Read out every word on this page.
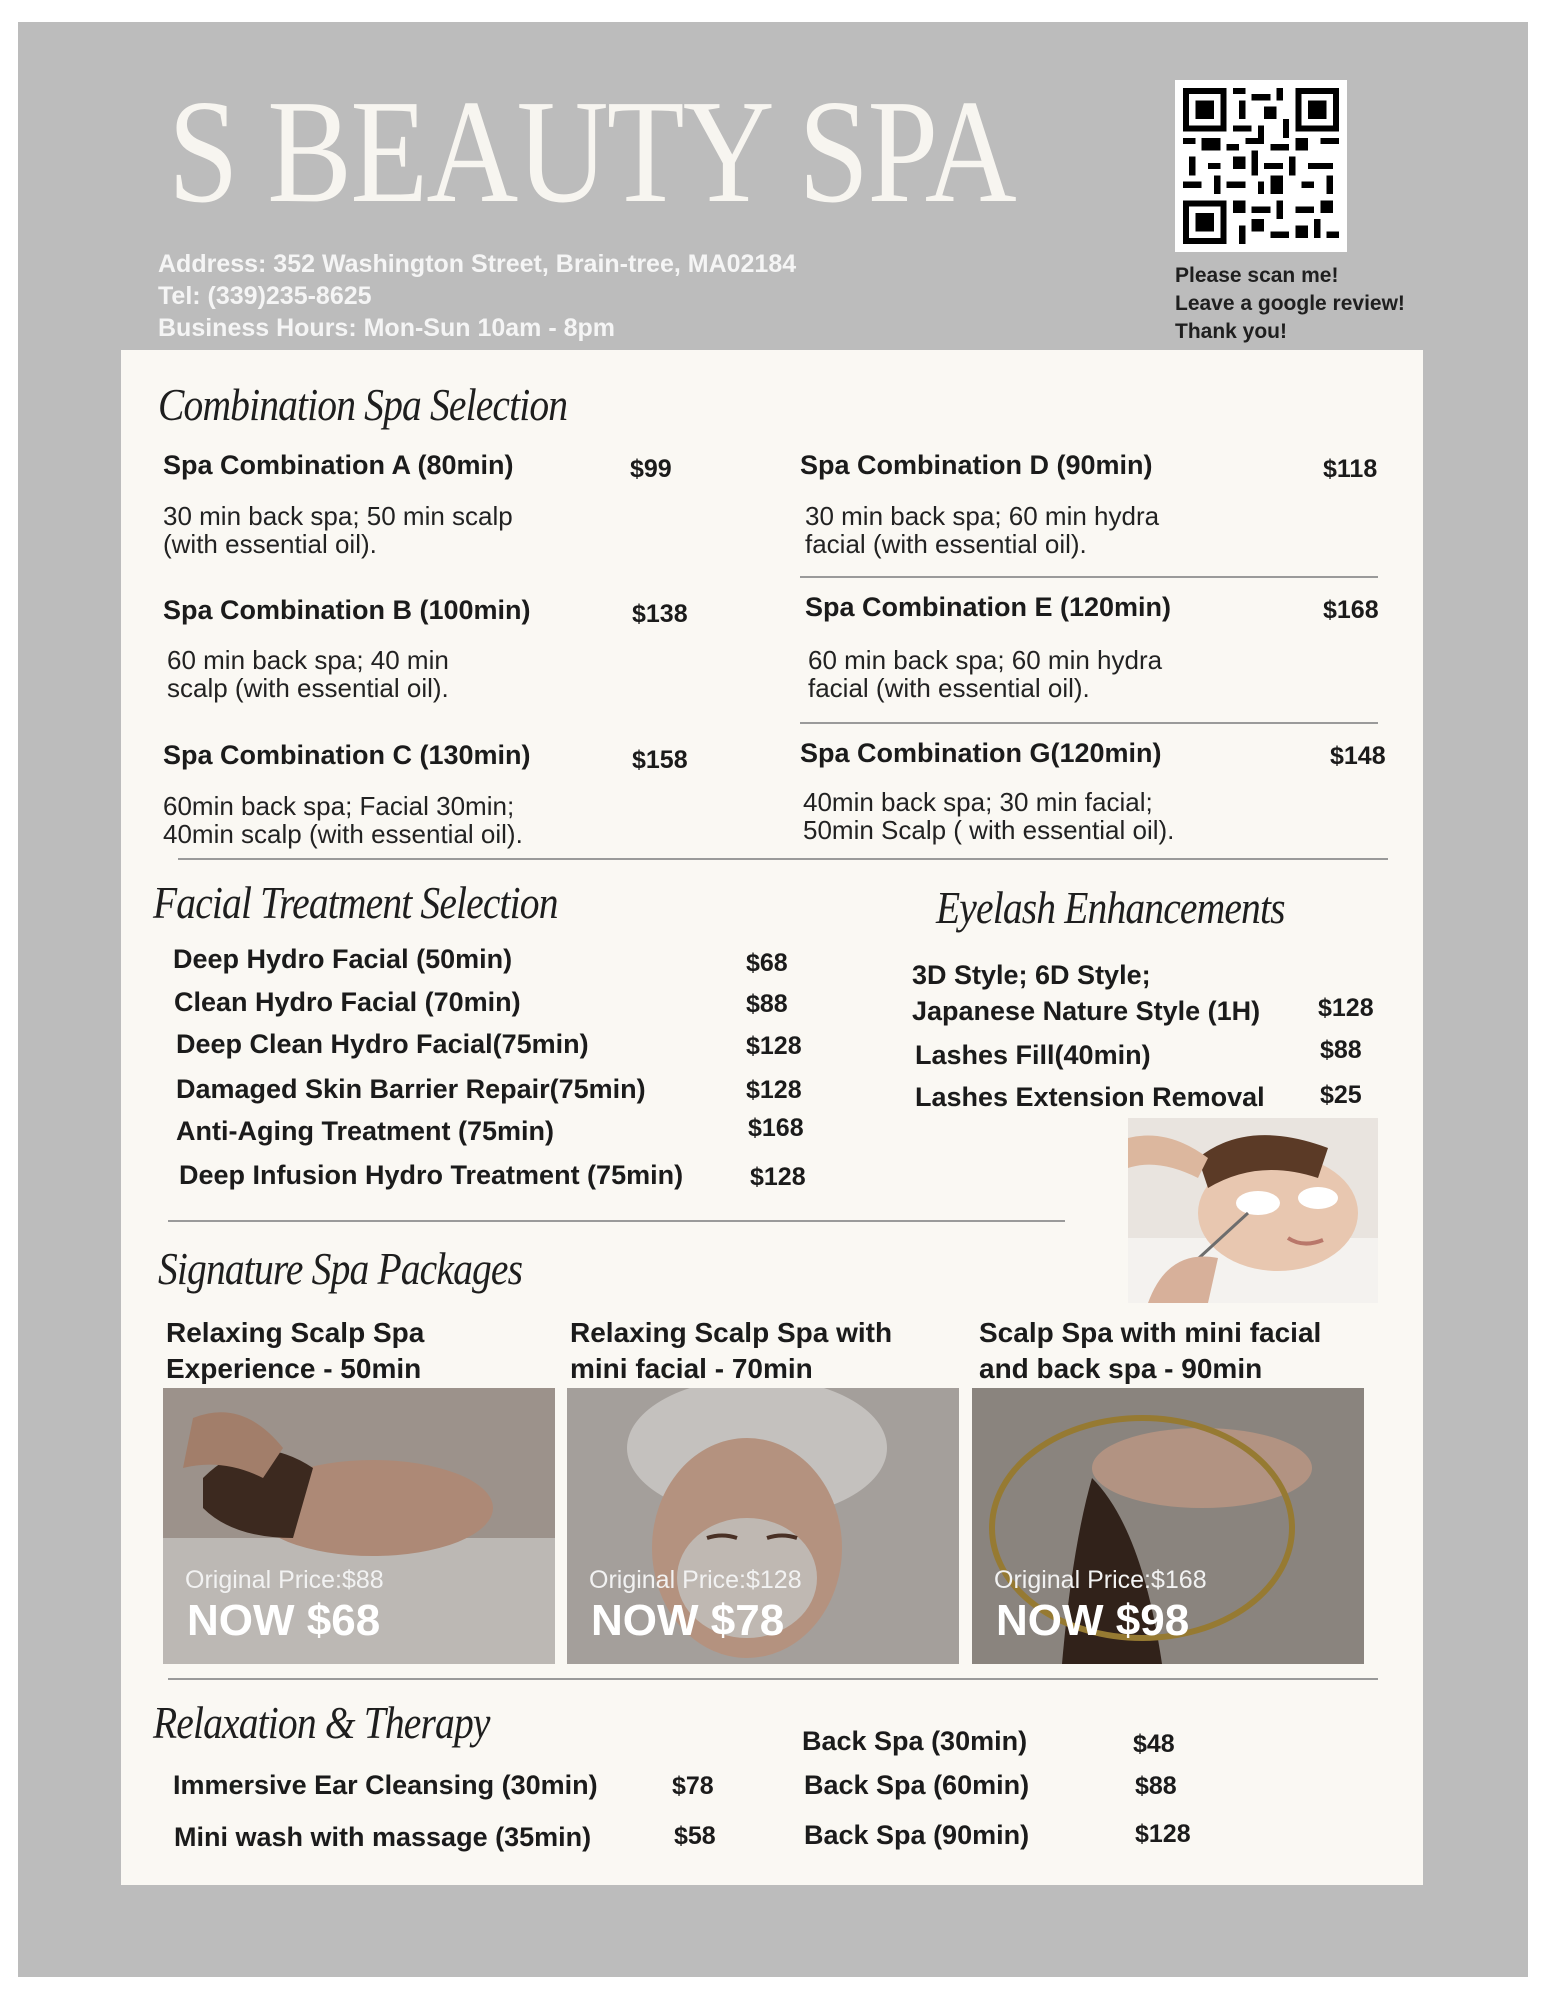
S BEAUTY SPA
Address: 352 Washington Street, Brain-tree, MA02184
Tel: (339)235-8625
Business Hours: Mon-Sun 10am - 8pm
Please scan me!
Leave a google review!
Thank you!
Combination Spa Selection
Spa Combination A (80min)	$99
30 min back spa; 50 min scalp
(with essential oil).
Spa Combination D (90min)	$118
30 min back spa; 60 min hydra
facial (with essential oil).
Spa Combination B (100min)	$138
60 min back spa; 40 min
scalp (with essential oil).
Spa Combination E (120min)	$168
60 min back spa; 60 min hydra
facial (with essential oil).
Spa Combination C (130min)	$158
60min back spa; Facial 30min;
40min scalp (with essential oil).
Spa Combination G(120min)	$148
40min back spa; 30 min facial;
50min Scalp ( with essential oil).
Facial Treatment Selection
Deep Hydro Facial (50min)	$68
Clean Hydro Facial (70min)	$88
Deep Clean Hydro Facial(75min)	$128
Damaged Skin Barrier Repair(75min)	$128
Anti-Aging Treatment (75min)	$168
Deep Infusion Hydro Treatment (75min)	$128
Eyelash Enhancements
3D Style; 6D Style;
Japanese Nature Style (1H) $128
Lashes Fill(40min)	$88
Lashes Extension Removal $25
Signature Spa Packages
Relaxing Scalp Spa
Experience - 50min
Relaxing Scalp Spa with
mini facial - 70min
Scalp Spa with mini facial
and back spa - 90min
Original Price:$88
NOW $68
Original Price:$128
NOW $78
Original Price:$168
NOW $98
Relaxation & Therapy
Immersive Ear Cleansing (30min)	$78
Mini wash with massage (35min)	$58
Back Spa (30min)	$48
Back Spa (60min)	$88
Back Spa (90min)	$128
